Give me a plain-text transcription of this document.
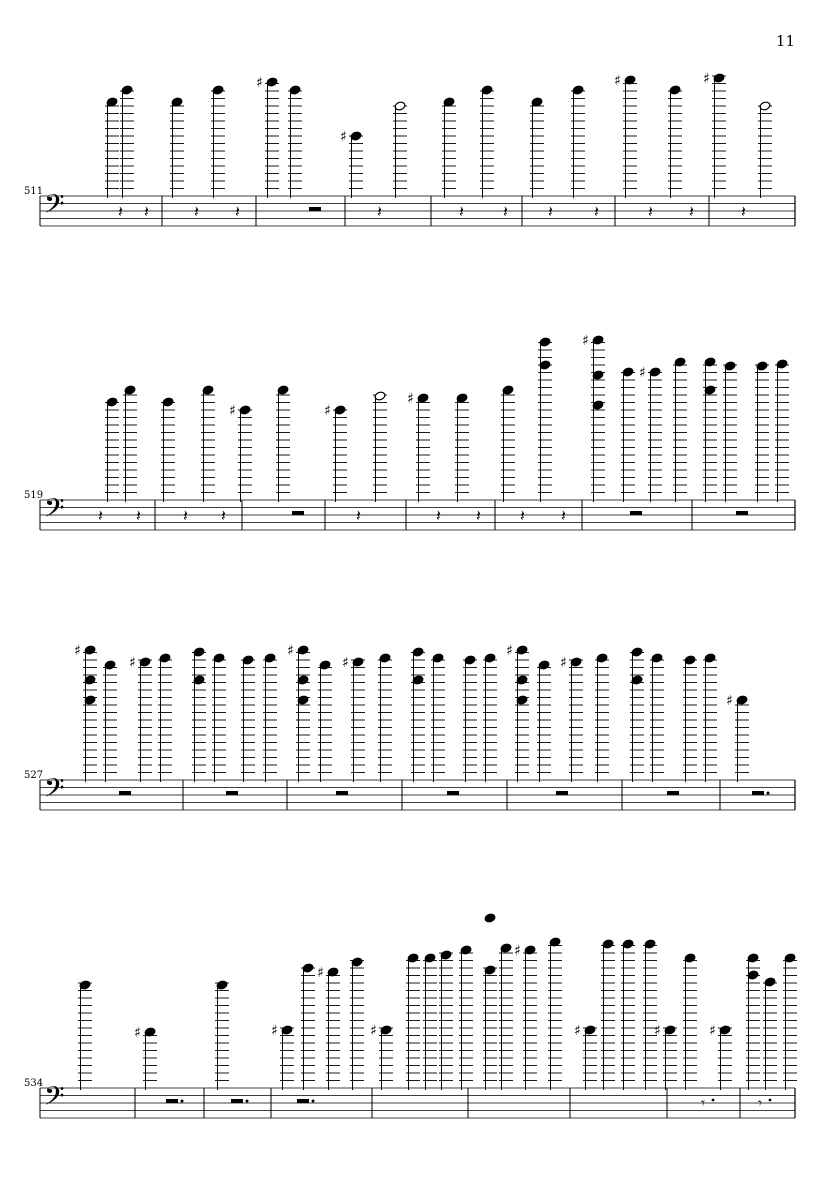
11
511
519
527
534
𝄢
♯
♯
♯	♯
𝄽 𝄽	𝄽 𝄽	𝄽	𝄽 𝄽	𝄽	𝄽	𝄽 𝄽	𝄽
𝄢
♯	♯
♯
♯
♯
𝄽 𝄽	𝄽 𝄽	𝄽	𝄽 𝄽 𝄽 𝄽
𝄢
♯
♯
♯
♯
♯
♯
♯
𝄢
♯	♯
♯
♯
♯
♯	♯	♯
𝄾	𝄾
